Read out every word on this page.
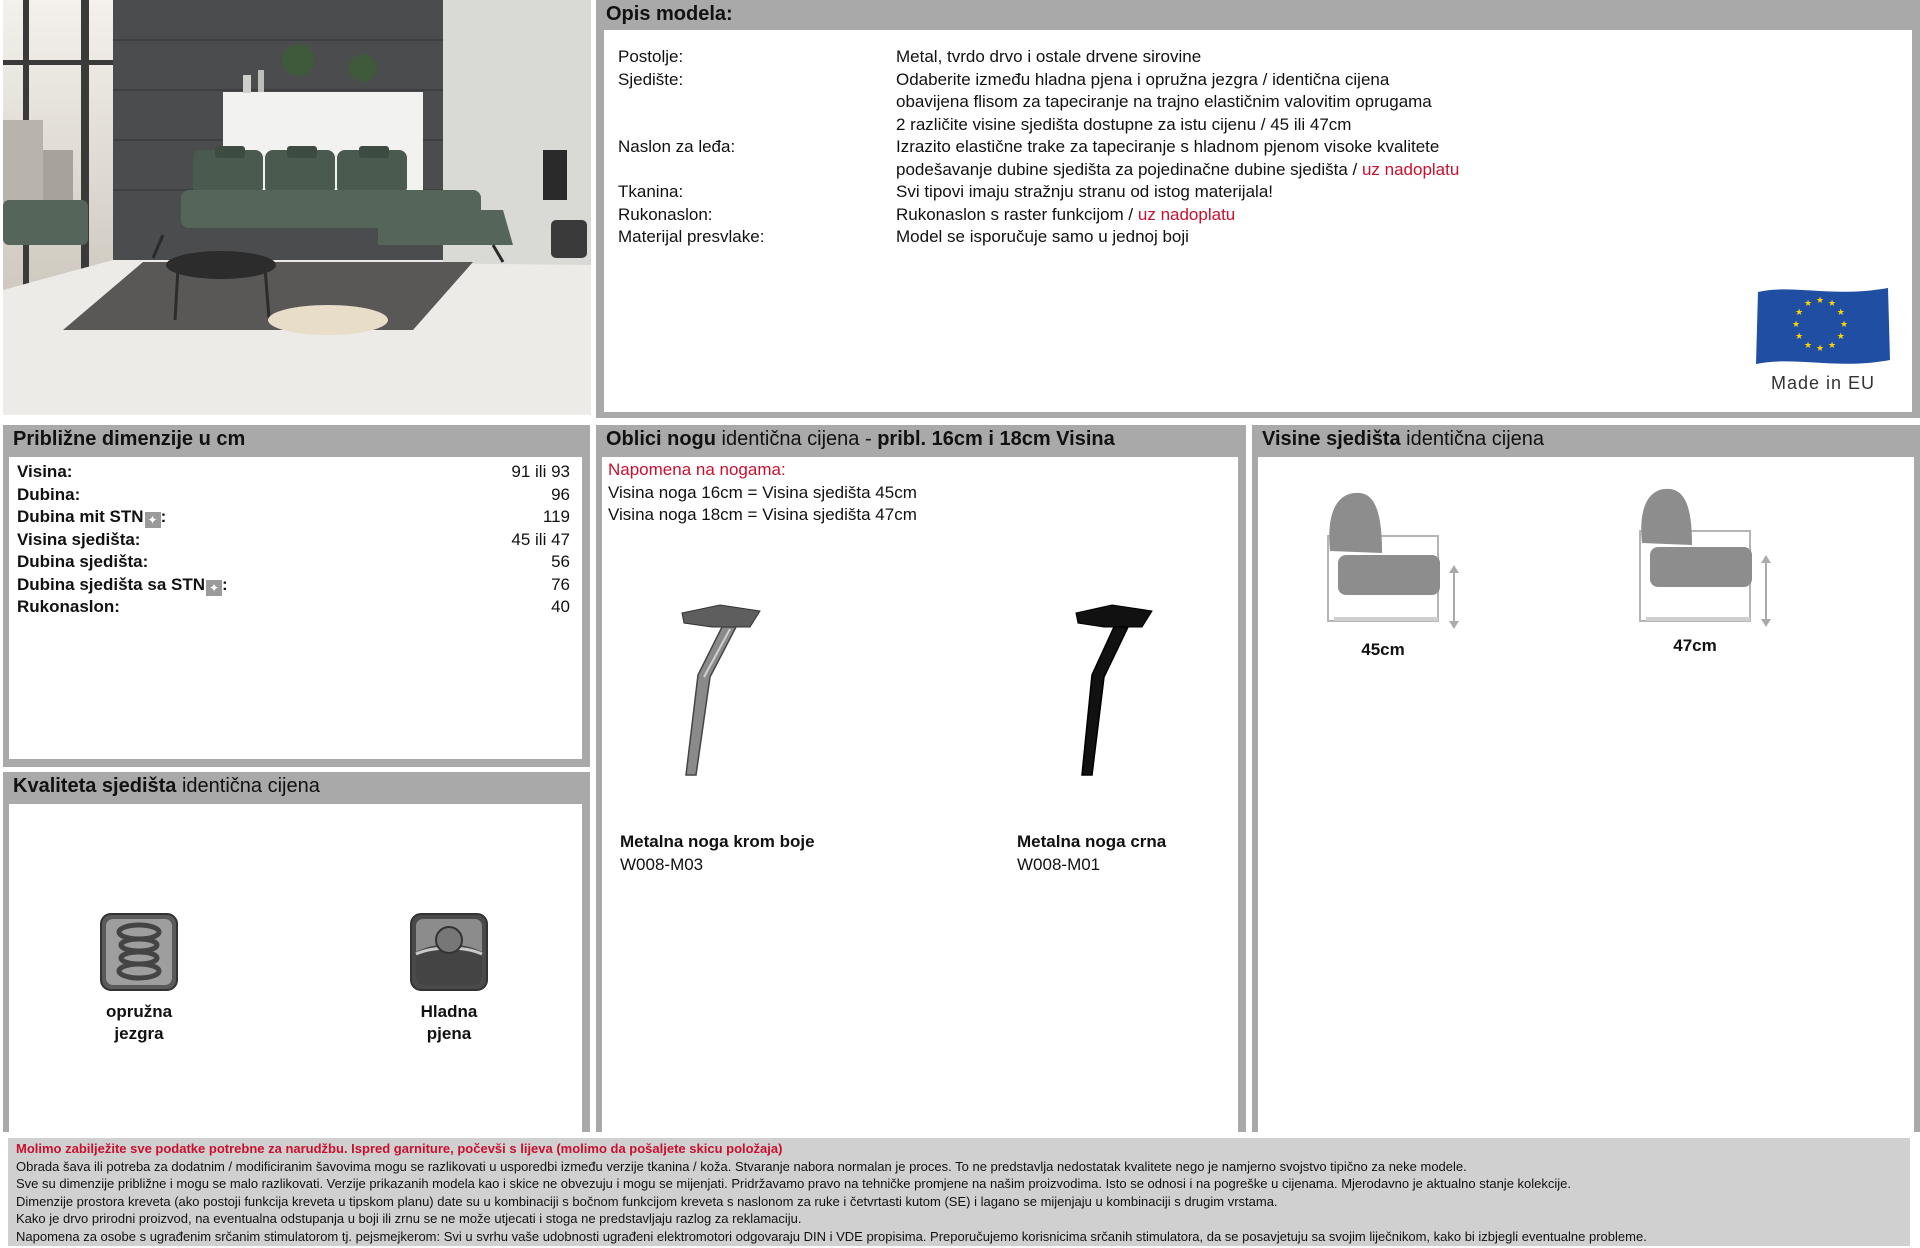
Opis modela:
Postolje:	Metal, tvrdo drvo i ostale drvene sirovine
Sjedište:	Odaberite između hladna pjena i opružna jezgra / identična cijena
obavijena flisom za tapeciranje na trajno elastičnim valovitim oprugama
2 različite visine sjedišta dostupne za istu cijenu / 45 ili 47cm
Naslon za leđa:	Izrazito elastične trake za tapeciranje s hladnom pjenom visoke kvalitete
podešavanje dubine sjedišta za pojedinačne dubine sjedišta / uz nadoplatu
Tkanina:	Svi tipovi imaju stražnju stranu od istog materijala!
Rukonaslon:	Rukonaslon s raster funkcijom / uz nadoplatu
Materijal presvlake:	Model se isporučuje samo u jednoj boji
★ ★
★
★
★
★
★
★
★
★
★
★
Made in EU
Približne dimenzije u cm
Visina:	91 ili 93
Dubina:	96
Dubina mit STN ✦ :	119
Visina sjedišta:	45 ili 47
Dubina sjedišta:	56
Dubina sjedišta sa STN ✦ :	76
Rukonaslon:	40
Kvaliteta sjedišta identična cijena
opružna
jezgra
Hladna
pjena
Oblici nogu identična cijena - pribl. 16cm i 18cm Visina
Napomena na nogama:
Visina noga 16cm = Visina sjedišta 45cm
Visina noga 18cm = Visina sjedišta 47cm
Metalna noga krom boje
W008-M03
Metalna noga crna
W008-M01
Visine sjedišta identična cijena
45cm	47cm
Molimo zabilježite sve podatke potrebne za narudžbu. Ispred garniture, počevši s lijeva (molimo da pošaljete skicu položaja)
Obrada šava ili potreba za dodatnim / modificiranim šavovima mogu se razlikovati u usporedbi između verzije tkanina / koža. Stvaranje nabora normalan je proces. To ne predstavlja nedostatak kvalitete nego je namjerno svojstvo tipično za neke modele.
Sve su dimenzije približne i mogu se malo razlikovati. Verzije prikazanih modela kao i skice ne obvezuju i mogu se mijenjati. Pridržavamo pravo na tehničke promjene na našim proizvodima. Isto se odnosi i na pogreške u cijenama. Mjerodavno je aktualno stanje kolekcije.
Dimenzije prostora kreveta (ako postoji funkcija kreveta u tipskom planu) date su u kombinaciji s bočnom funkcijom kreveta s naslonom za ruke i četvrtasti kutom (SE) i lagano se mijenjaju u kombinaciji s drugim vrstama.
Kako je drvo prirodni proizvod, na eventualna odstupanja u boji ili zrnu se ne može utjecati i stoga ne predstavljaju razlog za reklamaciju.
Napomena za osobe s ugrađenim srčanim stimulatorom tj. pejsmejkerom: Svi u svrhu vaše udobnosti ugrađeni elektromotori odgovaraju DIN i VDE propisima. Preporučujemo korisnicima srčanih stimulatora, da se posavjetuju sa svojim liječnikom, kako bi izbjegli eventualne probleme.
